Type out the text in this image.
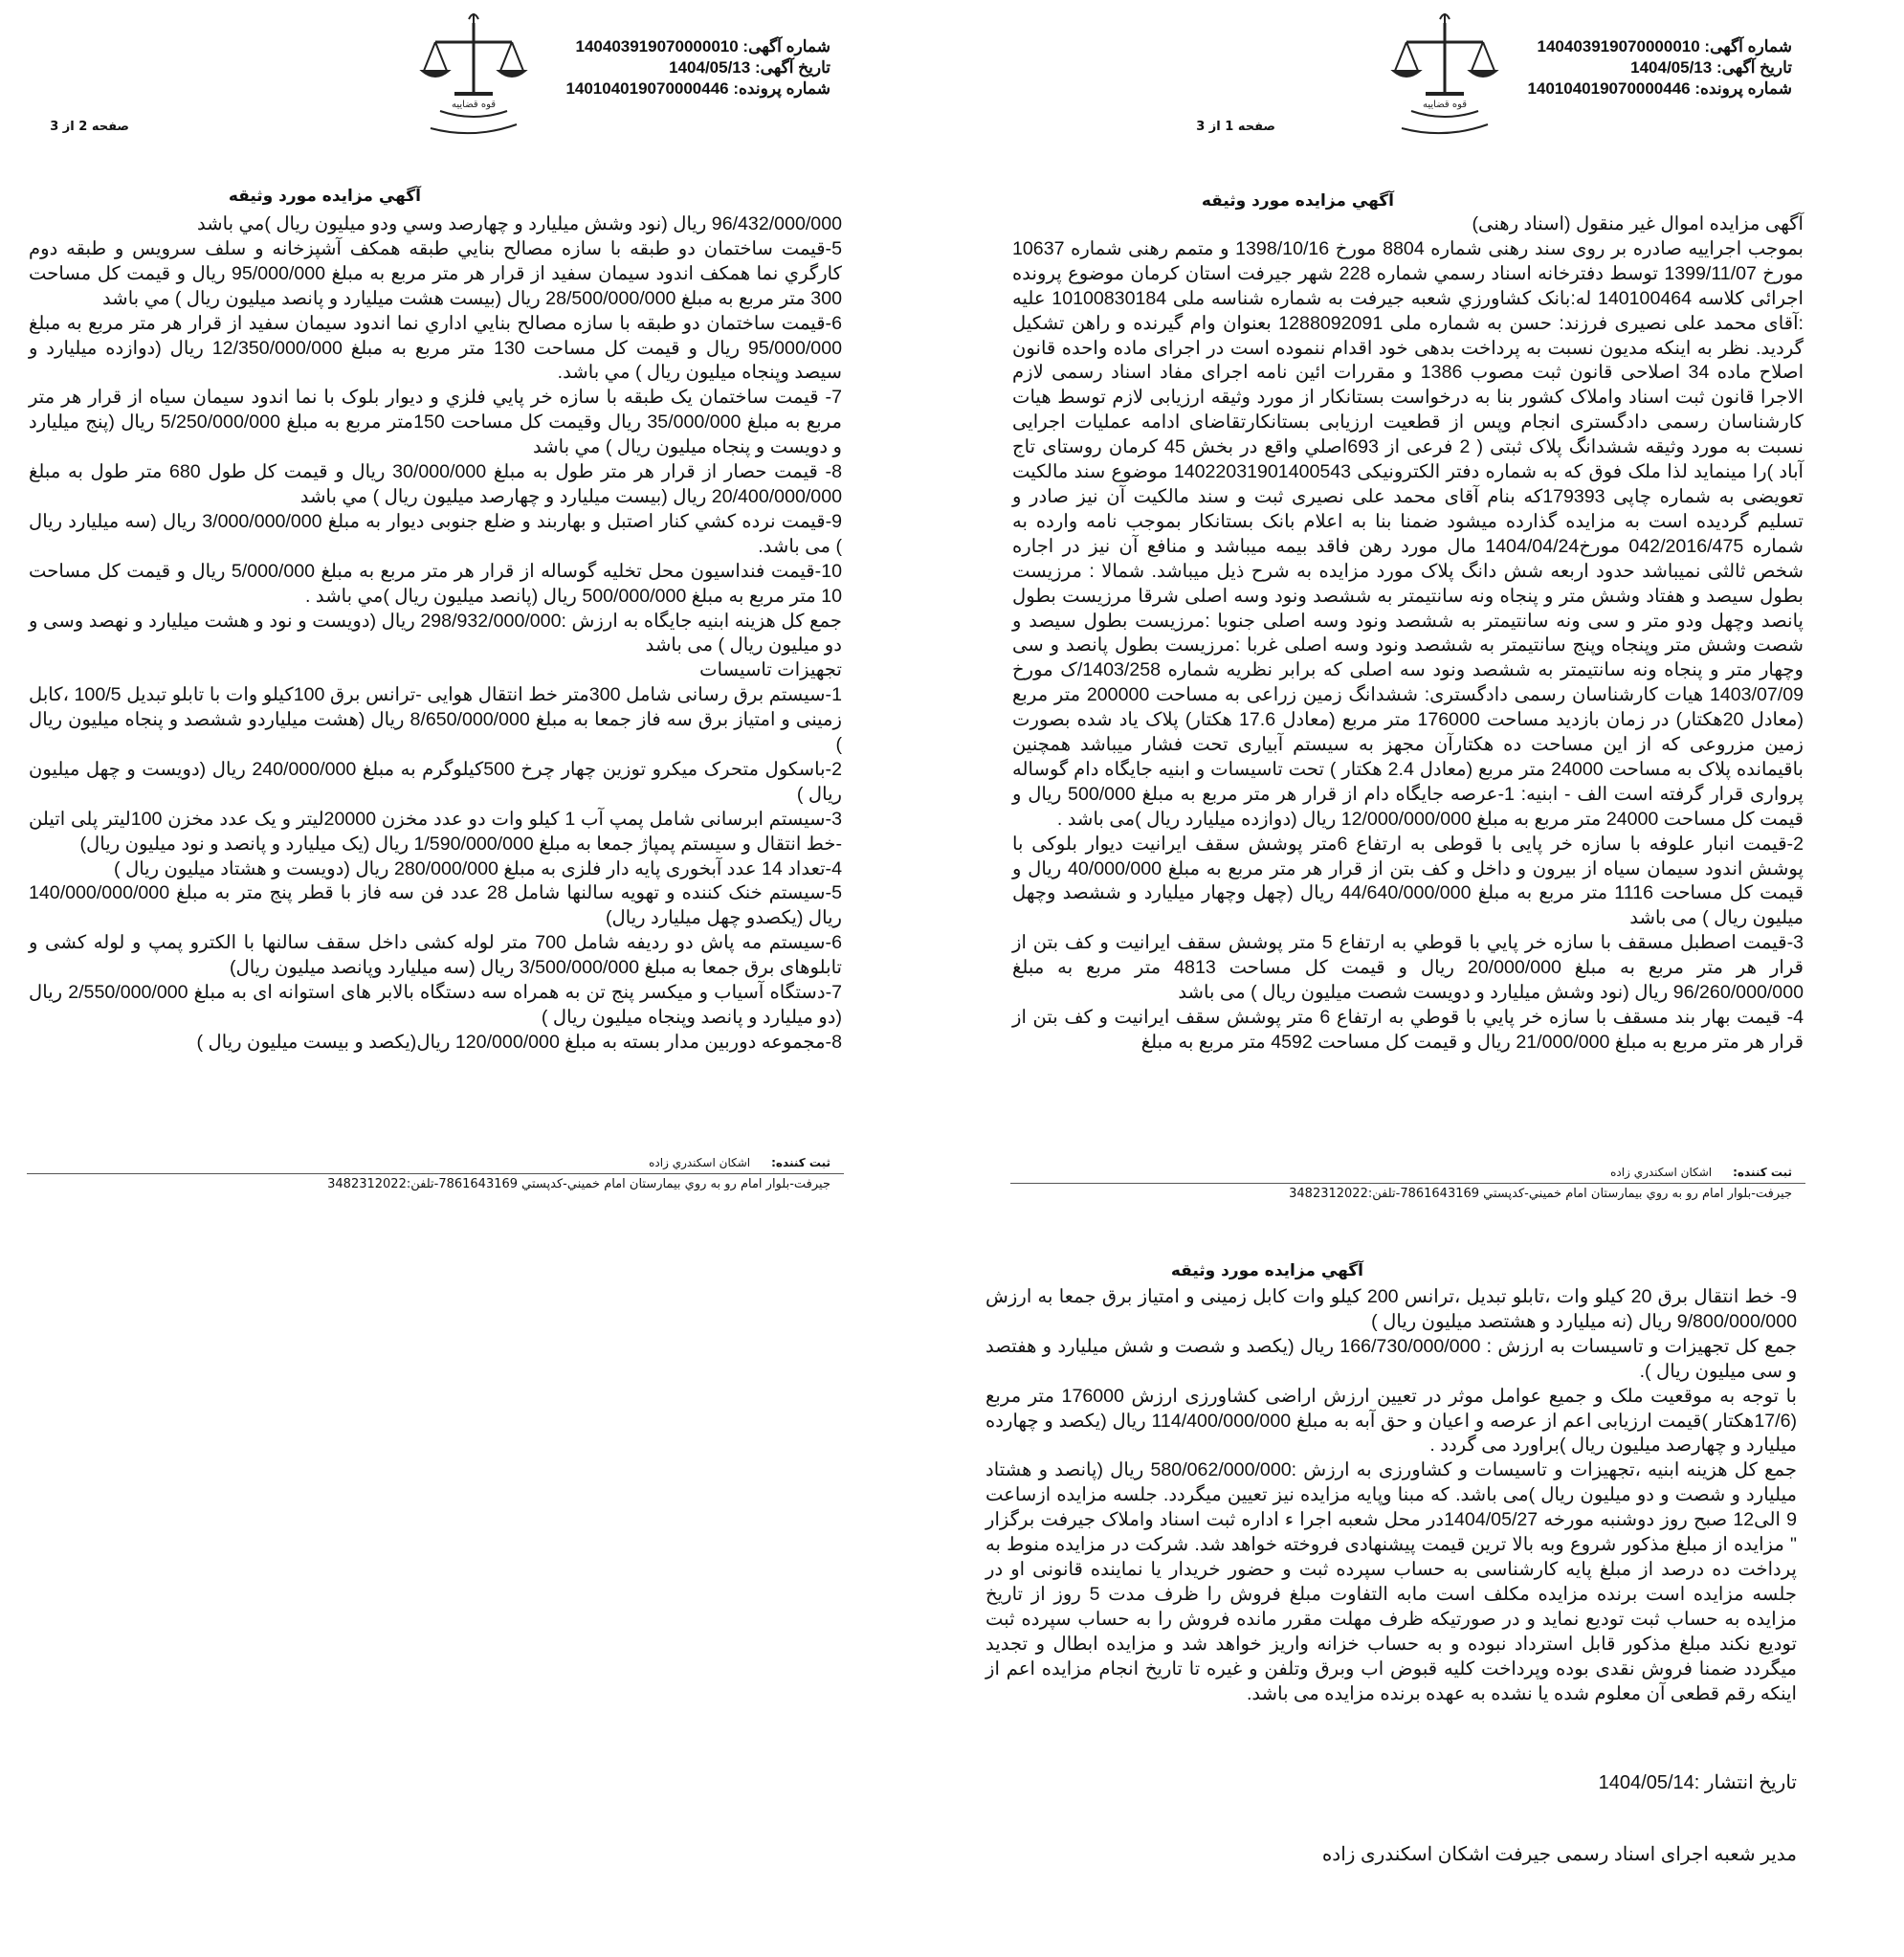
شماره آگهی: 140403919070000010
تاریخ آگهی: 1404/05/13
شماره پرونده: 140104019070000446
قوه قضاییه
صفحه 1 از 3
آگهي مزايده مورد وثيقه

آگهی مزایده اموال غیر منقول (اسناد رهنی)

بموجب اجراییه صادره بر روی سند رهنی شماره 8804 مورخ 1398/10/16 و متمم رهنی شماره 10637 مورخ 1399/11/07 توسط دفترخانه اسناد رسمي شماره 228 شهر جیرفت استان کرمان موضوع پرونده اجرائی کلاسه 140100464 له:بانک کشاورزي شعبه جيرفت به شماره شناسه ملی 10100830184 علیه :آقای محمد علی نصیری فرزند: حسن به شماره ملی 1288092091 بعنوان وام گیرنده و راهن تشکیل گردید. نظر به اینکه مدیون نسبت به پرداخت بدهی خود اقدام ننموده است در اجرای ماده واحده قانون اصلاح ماده 34 اصلاحی قانون ثبت مصوب 1386 و مقررات ائین نامه اجرای مفاد اسناد رسمی لازم الاجرا قانون ثبت اسناد واملاک کشور بنا به درخواست بستانکار از مورد وثیقه ارزیابی لازم توسط هیات کارشناسان رسمی دادگستری انجام وپس از قطعیت ارزیابی بستانکارتقاضای ادامه عملیات اجرایی نسبت به مورد وثیقه ششدانگ پلاک ثبتی ( 2 فرعی از 693اصلي واقع در بخش 45 کرمان روستای تاج آباد )را مینماید لذا ملک فوق که به شماره دفتر الکترونیکی 14022031901400543 موضوع سند مالکیت تعویضی به شماره چاپی 179393که بنام آقای محمد علی نصیری ثبت و سند مالکیت آن نیز صادر و تسلیم گردیده است به مزایده گذارده میشود ضمنا بنا به اعلام بانک بستانکار بموجب نامه وارده به شماره 042/2016/475 مورخ1404/04/24 مال مورد رهن فاقد بیمه میباشد و منافع آن نیز در اجاره شخص ثالثی نمیباشد حدود اربعه شش دانگ پلاک مورد مزایده به شرح ذیل میباشد. شمالا : مرزیست بطول سیصد و هفتاد وشش متر و پنجاه ونه سانتیمتر به ششصد ونود وسه اصلی شرقا مرزیست بطول پانصد وچهل ودو متر و سی ونه سانتیمتر به ششصد ونود وسه اصلی جنوبا :مرزیست بطول سیصد و شصت وشش متر وپنجاه وپنج سانتیمتر به ششصد ونود وسه اصلی غربا :مرزیست بطول پانصد و سی وچهار متر و پنجاه ونه سانتیمتر به ششصد ونود سه اصلی که برابر نظریه شماره 1403/258/ک مورخ 1403/07/09 هیات کارشناسان رسمی دادگستری: ششدانگ زمین زراعی به مساحت 200000 متر مربع (معادل 20هکتار) در زمان بازدید مساحت 176000 متر مربع (معادل 17.6 هکتار) پلاک یاد شده بصورت زمین مزروعی که از این مساحت ده هکتارآن مجهز به سیستم آبیاری تحت فشار میباشد همچنین باقیمانده پلاک به مساحت 24000 متر مربع (معادل 2.4 هکتار ) تحت تاسیسات و ابنیه جایگاه دام گوساله پرواری قرار گرفته است الف - ابنیه: 1-عرصه جایگاه دام از قرار هر متر مربع به مبلغ 500/000 ریال و قیمت کل مساحت 24000 متر مربع به مبلغ 12/000/000/000 ریال (دوازده میلیارد ریال )می باشد .
2-قیمت انبار علوفه با سازه خر پایی با قوطی به ارتفاع 6متر پوشش سقف ایرانیت دیوار بلوکی با پوشش اندود سیمان سیاه از بیرون و داخل و کف بتن از قرار هر متر مربع به مبلغ 40/000/000 ریال و قیمت کل مساحت 1116 متر مربع به مبلغ 44/640/000/000 ریال (چهل وچهار میلیارد و ششصد وچهل میلیون ریال ) می باشد
3-قیمت اصطبل مسقف با سازه خر پایي با قوطي به ارتفاع 5 متر پوشش سقف ایرانیت و کف بتن از قرار هر متر مربع به مبلغ 20/000/000 ریال و قیمت کل مساحت 4813 متر مربع به مبلغ 96/260/000/000 ریال (نود وشش میلیارد و دویست شصت میلیون ریال ) می باشد
4- قیمت بهار بند مسقف با سازه خر پايي با قوطي به ارتفاع 6 متر پوشش سقف ایرانیت و کف بتن از قرار هر متر مربع به مبلغ 21/000/000 ریال و قیمت کل مساحت 4592 متر مربع به مبلغ

ثبت کننده:اشکان اسکندري زاده
جيرفت-بلوار امام رو به روي بيمارستان امام خميني-کدپستي 7861643169-تلفن:3482312022
شماره آگهی: 140403919070000010
تاریخ آگهی: 1404/05/13
شماره پرونده: 140104019070000446
قوه قضاییه
صفحه 2 از 3
آگهي مزايده مورد وثيقه

96/432/000/000 ريال (نود وشش ميليارد و چهارصد وسي ودو ميليون ريال )مي باشد
5-قيمت ساختمان دو طبقه با سازه مصالح بنايي طبقه همکف آشپزخانه و سلف سرويس و طبقه دوم کارگري نما همکف اندود سيمان سفيد از قرار هر متر مربع به مبلغ 95/000/000 ريال و قيمت کل مساحت 300 متر مربع به مبلغ 28/500/000/000 ريال (بيست هشت ميليارد و پانصد ميليون ريال ) مي باشد
6-قيمت ساختمان دو طبقه با سازه مصالح بنايي اداري نما اندود سيمان سفيد از قرار هر متر مربع به مبلغ 95/000/000 ريال و قيمت کل مساحت 130 متر مربع به مبلغ 12/350/000/000 ريال (دوازده ميليارد و سيصد وپنجاه ميليون ريال ) مي باشد.
7- قيمت ساختمان يک طبقه با سازه خر پايي فلزي و ديوار بلوک با نما اندود سيمان سياه از قرار هر متر مربع به مبلغ 35/000/000 ريال وقيمت کل مساحت 150متر مربع به مبلغ 5/250/000/000 ريال (پنج ميليارد و دويست و پنجاه ميليون ريال ) مي باشد
8- قيمت حصار از قرار هر متر طول به مبلغ 30/000/000 ريال و قيمت کل طول 680 متر طول به مبلغ 20/400/000/000 ريال (بيست ميليارد و چهارصد ميليون ريال ) مي باشد
9-قيمت نرده کشي کنار اصتبل و بهاربند و ضلع جنوبی ديوار به مبلغ 3/000/000/000 ريال (سه ميليارد ريال ) می باشد.
10-قيمت فنداسيون محل تخليه گوساله از قرار هر متر مربع به مبلغ 5/000/000 ريال و قيمت کل مساحت 10 متر مربع به مبلغ 500/000/000 ريال (پانصد ميليون ريال )مي باشد .
جمع کل هزينه ابنيه جايگاه به ارزش :298/932/000/000 ريال (دويست و نود و هشت ميليارد و نهصد وسی و دو ميليون ريال ) می باشد
تجهيزات تاسيسات
1-سيستم برق رسانی شامل 300متر خط انتقال هوايی -ترانس برق 100کيلو وات با تابلو تبديل 100/5 ،کابل زمينی و امتياز برق سه فاز جمعا به مبلغ 8/650/000/000 ريال (هشت ميلياردو ششصد و پنجاه ميليون ريال )
2-باسکول متحرک ميکرو توزين چهار چرخ 500کيلوگرم به مبلغ 240/000/000 ريال (دويست و چهل ميليون ريال )
3-سيستم ابرسانی شامل پمپ آب 1 کيلو وات دو عدد مخزن 20000ليتر و يک عدد مخزن 100ليتر پلی اتيلن -خط انتقال و سيستم پمپاژ جمعا به مبلغ 1/590/000/000 ريال (يک ميليارد و پانصد و نود ميليون ريال)
4-تعداد 14 عدد آبخوری پايه دار فلزی به مبلغ 280/000/000 ريال (دويست و هشتاد ميليون ريال )
5-سيستم خنک کننده و تهويه سالنها شامل 28 عدد فن سه فاز با قطر پنج متر به مبلغ 140/000/000/000 ريال (يکصدو چهل ميليارد ريال)
6-سيستم مه پاش دو رديفه شامل 700 متر لوله کشی داخل سقف سالنها با الکترو پمپ و لوله کشی و تابلوهای برق جمعا به مبلغ 3/500/000/000 ريال (سه ميليارد وپانصد ميليون ريال)
7-دستگاه آسياب و ميکسر پنج تن به همراه سه دستگاه بالابر های استوانه ای به مبلغ 2/550/000/000 ريال (دو ميليارد و پانصد وپنجاه ميليون ريال )
8-مجموعه دوربين مدار بسته به مبلغ 120/000/000 ريال(يکصد و بيست ميليون ريال )

ثبت کننده:اشکان اسکندري زاده
جيرفت-بلوار امام رو به روي بيمارستان امام خميني-کدپستي 7861643169-تلفن:3482312022
آگهي مزايده مورد وثيقه

9- خط انتقال برق 20 کيلو وات ،تابلو تبديل ،ترانس 200 کيلو وات کابل زمينی و امتياز برق جمعا به ارزش 9/800/000/000 ريال (نه ميليارد و هشتصد ميليون ريال )
جمع کل تجهيزات و تاسيسات به ارزش : 166/730/000/000 ريال (يکصد و شصت و شش ميليارد و هفتصد و سی ميليون ريال ).
با توجه به موقعيت ملک و جميع عوامل موثر در تعيين ارزش اراضی کشاورزی ارزش 176000 متر مربع (17/6هکتار )قيمت ارزيابی اعم از عرصه و اعيان و حق آبه به مبلغ 114/400/000/000 ريال (يکصد و چهارده ميليارد و چهارصد ميليون ريال )براورد می گردد .
جمع کل هزينه ابنيه ،تجهيزات و تاسيسات و کشاورزی به ارزش :580/062/000/000 ريال (پانصد و هشتاد ميليارد و شصت و دو ميليون ريال )می باشد. که مبنا وپايه مزايده نيز تعيين ميگردد. جلسه مزايده ازساعت 9 الی12 صبح روز دوشنبه مورخه 1404/05/27در محل شعبه اجرا ء اداره ثبت اسناد واملاک جيرفت برگزار " مزايده از مبلغ مذکور شروع وبه بالا ترين قيمت پيشنهادی فروخته خواهد شد. شرکت در مزايده منوط به پرداخت ده درصد از مبلغ پايه کارشناسی به حساب سپرده ثبت و حضور خريدار يا نماينده قانونی او در جلسه مزايده است برنده مزايده مکلف است مابه التفاوت مبلغ فروش را ظرف مدت 5 روز از تاريخ مزايده به حساب ثبت توديع نمايد و در صورتيکه ظرف مهلت مقرر مانده فروش را به حساب سپرده ثبت توديع نکند مبلغ مذکور قابل استرداد نبوده و به حساب خزانه واريز خواهد شد و مزايده ابطال و تجديد ميگردد ضمنا فروش نقدی بوده وپرداخت کليه قبوض اب وبرق وتلفن و غيره تا تاريخ انجام مزايده اعم از اينکه رقم قطعی آن معلوم شده يا نشده به عهده برنده مزايده می باشد.

تاريخ انتشار :1404/05/14
مدير شعبه اجرای اسناد رسمی جيرفت اشکان اسکندری زاده
